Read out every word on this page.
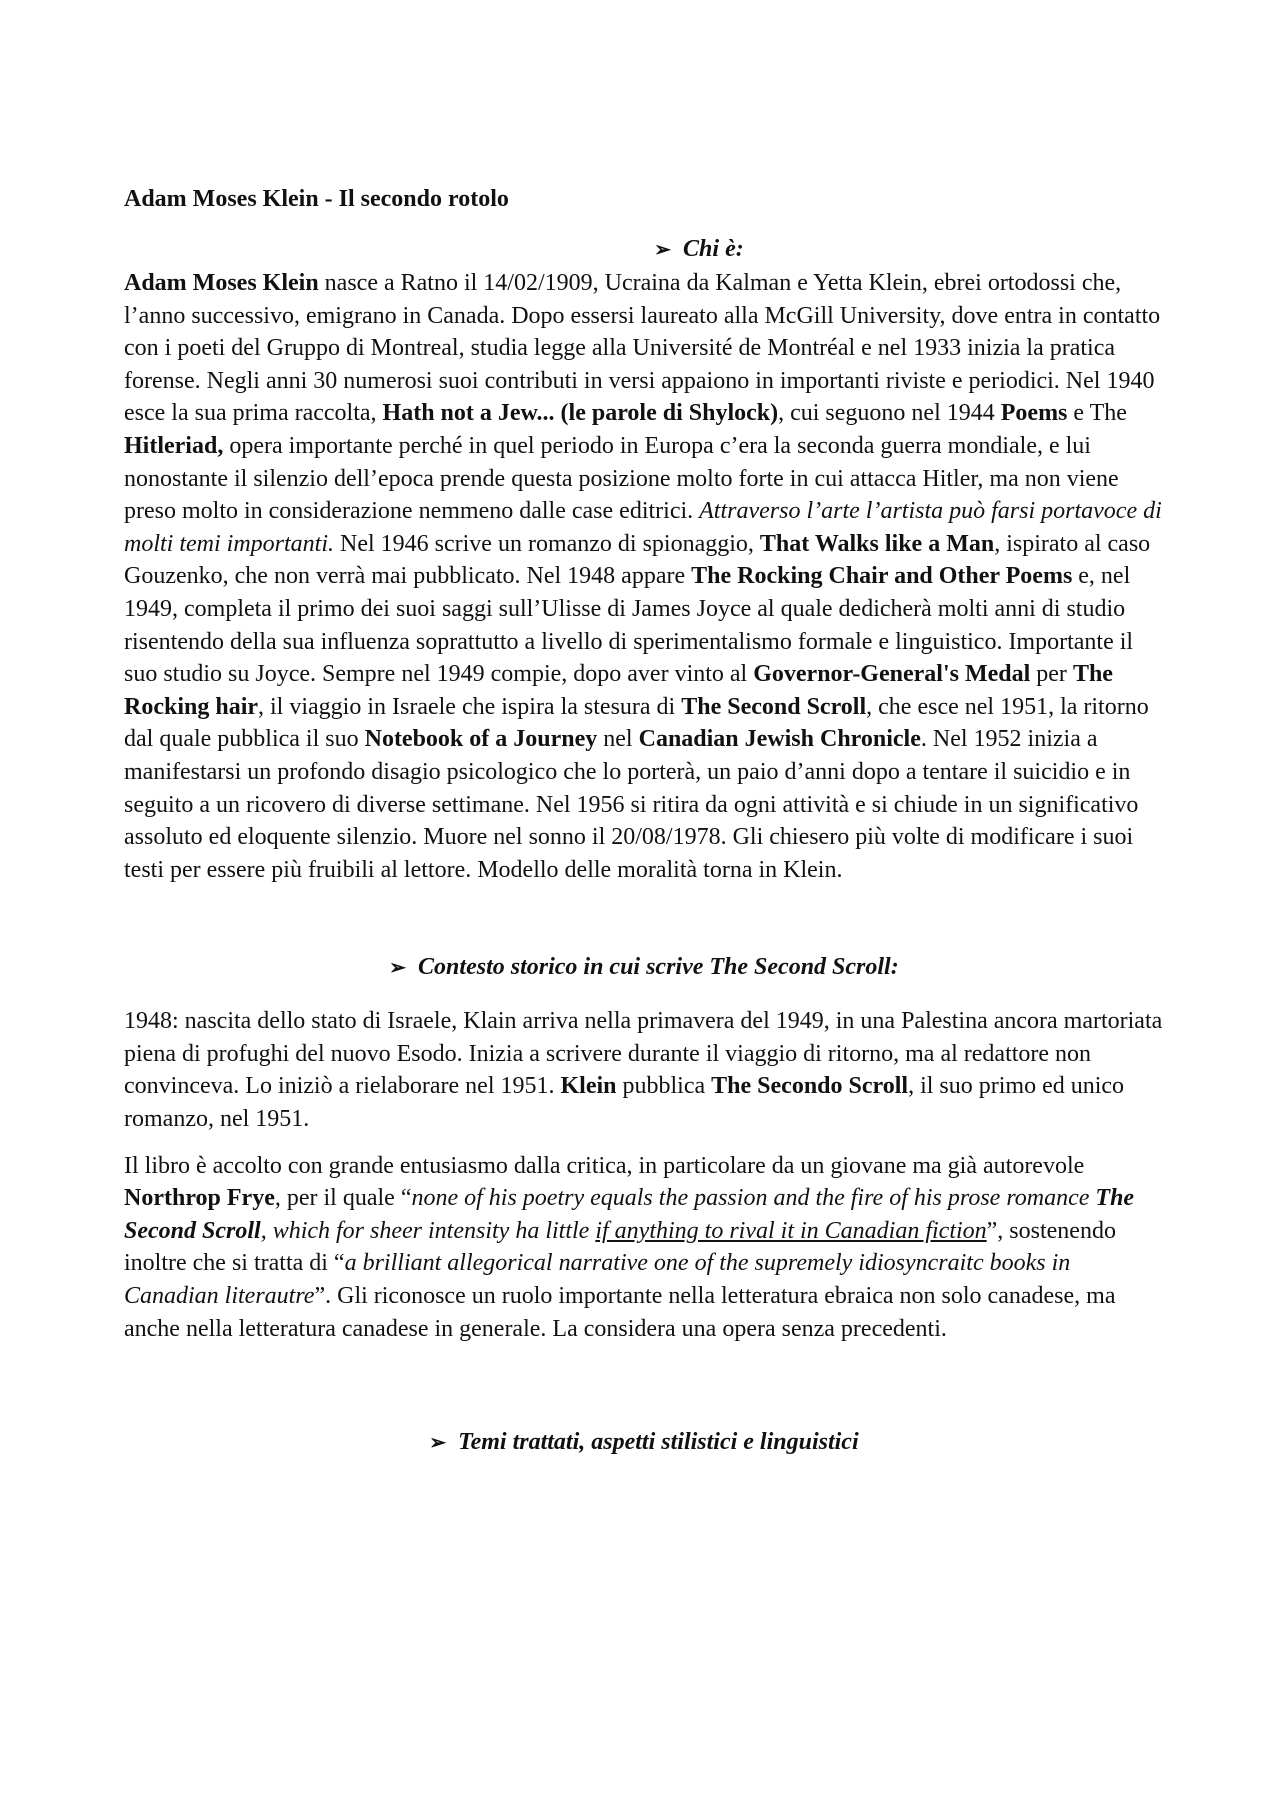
Adam Moses Klein - Il secondo rotolo

➢ Chi è:

Adam Moses Klein nasce a Ratno il 14/02/1909, Ucraina da Kalman e Yetta Klein, ebrei ortodossi che, l’anno successivo, emigrano in Canada. Dopo essersi laureato alla McGill University, dove entra in contatto con i poeti del Gruppo di Montreal, studia legge alla Université de Montréal e nel 1933 inizia la pratica forense. Negli anni 30 numerosi suoi contributi in versi appaiono in importanti riviste e periodici. Nel 1940 esce la sua prima raccolta, Hath not a Jew... (le parole di Shylock), cui seguono nel 1944 Poems e The Hitleriad, opera importante perché in quel periodo in Europa c’era la seconda guerra mondiale, e lui nonostante il silenzio dell’epoca prende questa posizione molto forte in cui attacca Hitler, ma non viene preso molto in considerazione nemmeno dalle case editrici. Attraverso l’arte l’artista può farsi portavoce di molti temi importanti. Nel 1946 scrive un romanzo di spionaggio, That Walks like a Man, ispirato al caso Gouzenko, che non verrà mai pubblicato. Nel 1948 appare The Rocking Chair and Other Poems e, nel 1949, completa il primo dei suoi saggi sull’Ulisse di James Joyce al quale dedicherà molti anni di studio risentendo della sua influenza soprattutto a livello di sperimentalismo formale e linguistico. Importante il suo studio su Joyce. Sempre nel 1949 compie, dopo aver vinto al Governor-General's Medal per The Rocking hair, il viaggio in Israele che ispira la stesura di The Second Scroll, che esce nel 1951, la ritorno dal quale pubblica il suo Notebook of a Journey nel Canadian Jewish Chronicle. Nel 1952 inizia a manifestarsi un profondo disagio psicologico che lo porterà, un paio d’anni dopo a tentare il suicidio e in seguito a un ricovero di diverse settimane. Nel 1956 si ritira da ogni attività e si chiude in un significativo assoluto ed eloquente silenzio. Muore nel sonno il 20/08/1978. Gli chiesero più volte di modificare i suoi testi per essere più fruibili al lettore. Modello delle moralità torna in Klein.

➢ Contesto storico in cui scrive The Second Scroll:

1948: nascita dello stato di Israele, Klain arriva nella primavera del 1949, in una Palestina ancora martoriata piena di profughi del nuovo Esodo. Inizia a scrivere durante il viaggio di ritorno, ma al redattore non convinceva. Lo iniziò a rielaborare nel 1951. Klein pubblica The Secondo Scroll, il suo primo ed unico romanzo, nel 1951.

Il libro è accolto con grande entusiasmo dalla critica, in particolare da un giovane ma già autorevole Northrop Frye, per il quale “none of his poetry equals the passion and the fire of his prose romance The Second Scroll, which for sheer intensity ha little if anything to rival it in Canadian fiction”, sostenendo inoltre che si tratta di “a brilliant allegorical narrative one of the supremely idiosyncraitc books in Canadian literautre”. Gli riconosce un ruolo importante nella letteratura ebraica non solo canadese, ma anche nella letteratura canadese in generale. La considera una opera senza precedenti.

➢ Temi trattati, aspetti stilistici e linguistici
